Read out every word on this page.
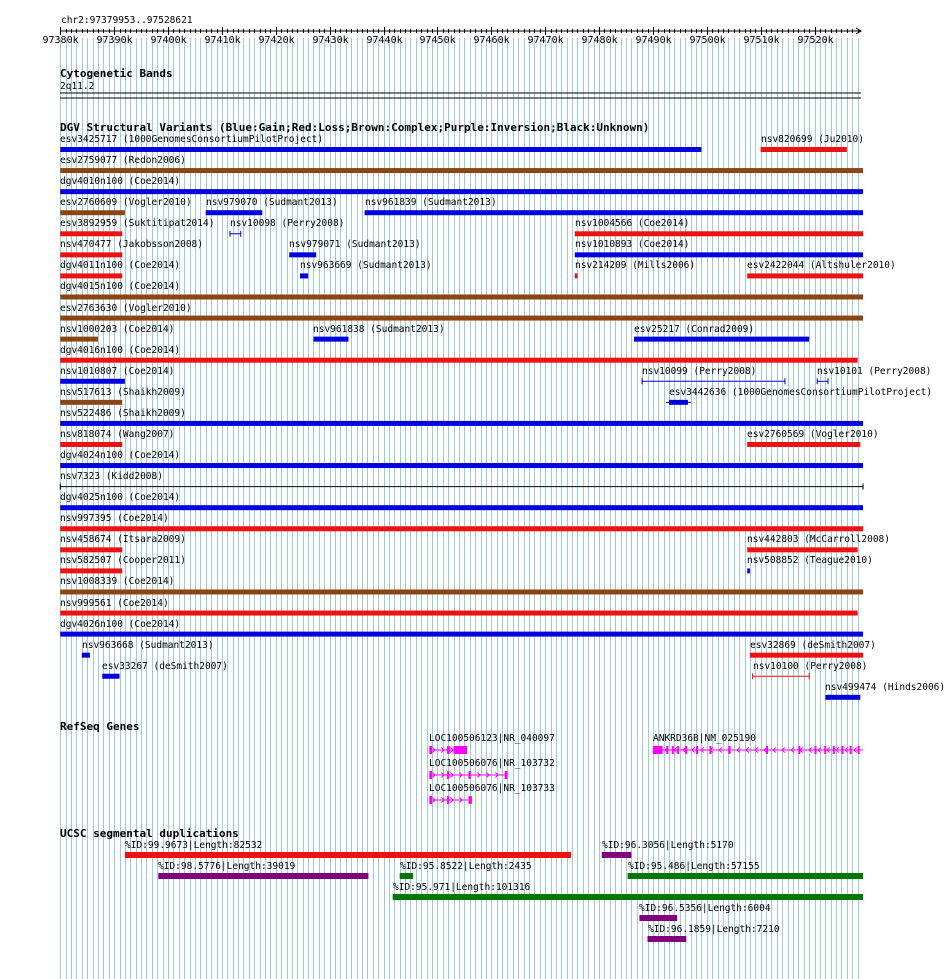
chr2:97379953..97528621
Cytogenetic Bands
2q11.2
DGV Structural Variants (Blue:Gain;Red:Loss;Brown:Complex;Purple:Inversion;Black:Unknown)
RefSeq Genes
UCSC segmental duplications
97380k 97390k 97400k 97410k 97420k 97430k 97440k 97450k 97460k 97470k 97480k 97490k 97500k 97510k 97520k
esv3425717 (1000GenomesConsortiumPilotProject)	nsv820699 (Ju2010)
esv2759077 (Redon2006)
dgv4010n100 (Coe2014)
esv2760609 (Vogler2010) nsv979070 (Sudmant2013)	nsv961839 (Sudmant2013)
esv3892959 (Suktitipat2014) nsv10098 (Perry2008)	nsv1004566 (Coe2014)
nsv470477 (Jakobsson2008)	nsv979071 (Sudmant2013)	nsv1010893 (Coe2014)
dgv4011n100 (Coe2014)	nsv963669 (Sudmant2013)	nsv214209 (Mills2006)	esv2422044 (Altshuler2010)
dgv4015n100 (Coe2014)
esv2763630 (Vogler2010)
nsv1000203 (Coe2014)	nsv961838 (Sudmant2013)	esv25217 (Conrad2009)
dgv4016n100 (Coe2014)
nsv1010807 (Coe2014)	nsv10099 (Perry2008)	nsv10101 (Perry2008)
nsv517613 (Shaikh2009)	esv3442636 (1000GenomesConsortiumPilotProject)
nsv522486 (Shaikh2009)
nsv818074 (Wang2007)	esv2760569 (Vogler2010)
dgv4024n100 (Coe2014)
nsv7323 (Kidd2008)
dgv4025n100 (Coe2014)
nsv997395 (Coe2014)
nsv458674 (Itsara2009)	nsv442803 (McCarroll2008)
nsv582507 (Cooper2011)	nsv508852 (Teague2010)
nsv1008339 (Coe2014)
nsv999561 (Coe2014)
dgv4026n100 (Coe2014)
nsv963668 (Sudmant2013)	esv32869 (deSmith2007)
esv33267 (deSmith2007)	nsv10100 (Perry2008)
nsv499474 (Hinds2006)
%ID:99.9673|Length:82532	%ID:96.3056|Length:5170
%ID:98.5776|Length:39019	%ID:95.8522|Length:2435	%ID:95.486|Length:57155
%ID:95.971|Length:101316
%ID:96.5356|Length:6004
%ID:96.1859|Length:7210
LOC100506123|NR_040097	ANKRD36B|NM_025190
LOC100506076|NR_103732
LOC100506076|NR_103733
